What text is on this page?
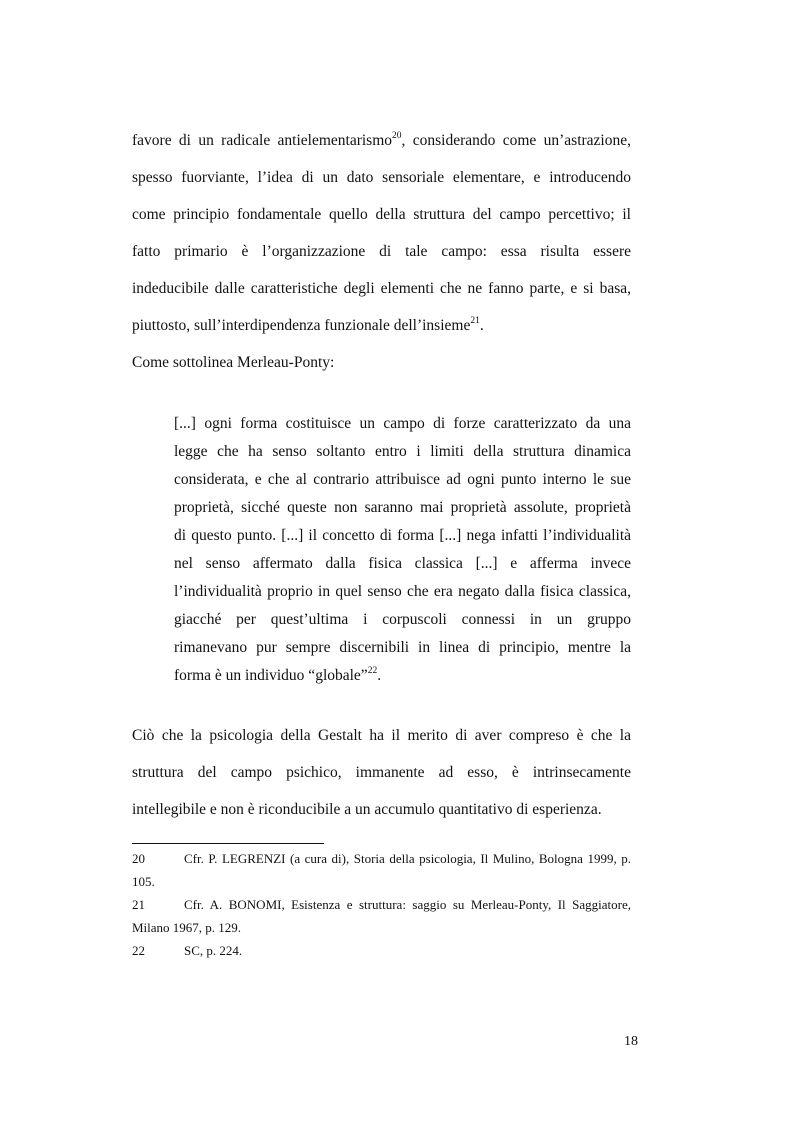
favore di un radicale antielementarismo$^{20}$, considerando come un’astrazione,
spesso fuorviante, l’idea di un dato sensoriale elementare, e introducendo
come principio fondamentale quello della struttura del campo percettivo; il
fatto primario è l’organizzazione di tale campo: essa risulta essere
indeducibile dalle caratteristiche degli elementi che ne fanno parte, e si basa,
piuttosto, sull’interdipendenza funzionale dell’insieme$^{21}$.
Come sottolinea Merleau-Ponty:
[...] ogni forma costituisce un campo di forze caratterizzato da una
legge che ha senso soltanto entro i limiti della struttura dinamica
considerata, e che al contrario attribuisce ad ogni punto interno le sue
proprietà, sicché queste non saranno mai proprietà assolute, proprietà
di questo punto. [...] il concetto di forma [...] nega infatti l’individualità
nel senso affermato dalla fisica classica [...] e afferma invece
l’individualità proprio in quel senso che era negato dalla fisica classica,
giacché per quest’ultima i corpuscoli connessi in un gruppo
rimanevano pur sempre discernibili in linea di principio, mentre la
forma è un individuo “globale”$^{22}$.
Ciò che la psicologia della Gestalt ha il merito di aver compreso è che la
struttura del campo psichico, immanente ad esso, è intrinsecamente
intellegibile e non è riconducibile a un accumulo quantitativo di esperienza.
20	Cfr. P. LEGRENZI (a cura di), Storia della psicologia, Il Mulino, Bologna 1999, p.
105.
21	Cfr. A. BONOMI, Esistenza e struttura: saggio su Merleau-Ponty, Il Saggiatore,
Milano 1967, p. 129.
22	SC, p. 224.
18
